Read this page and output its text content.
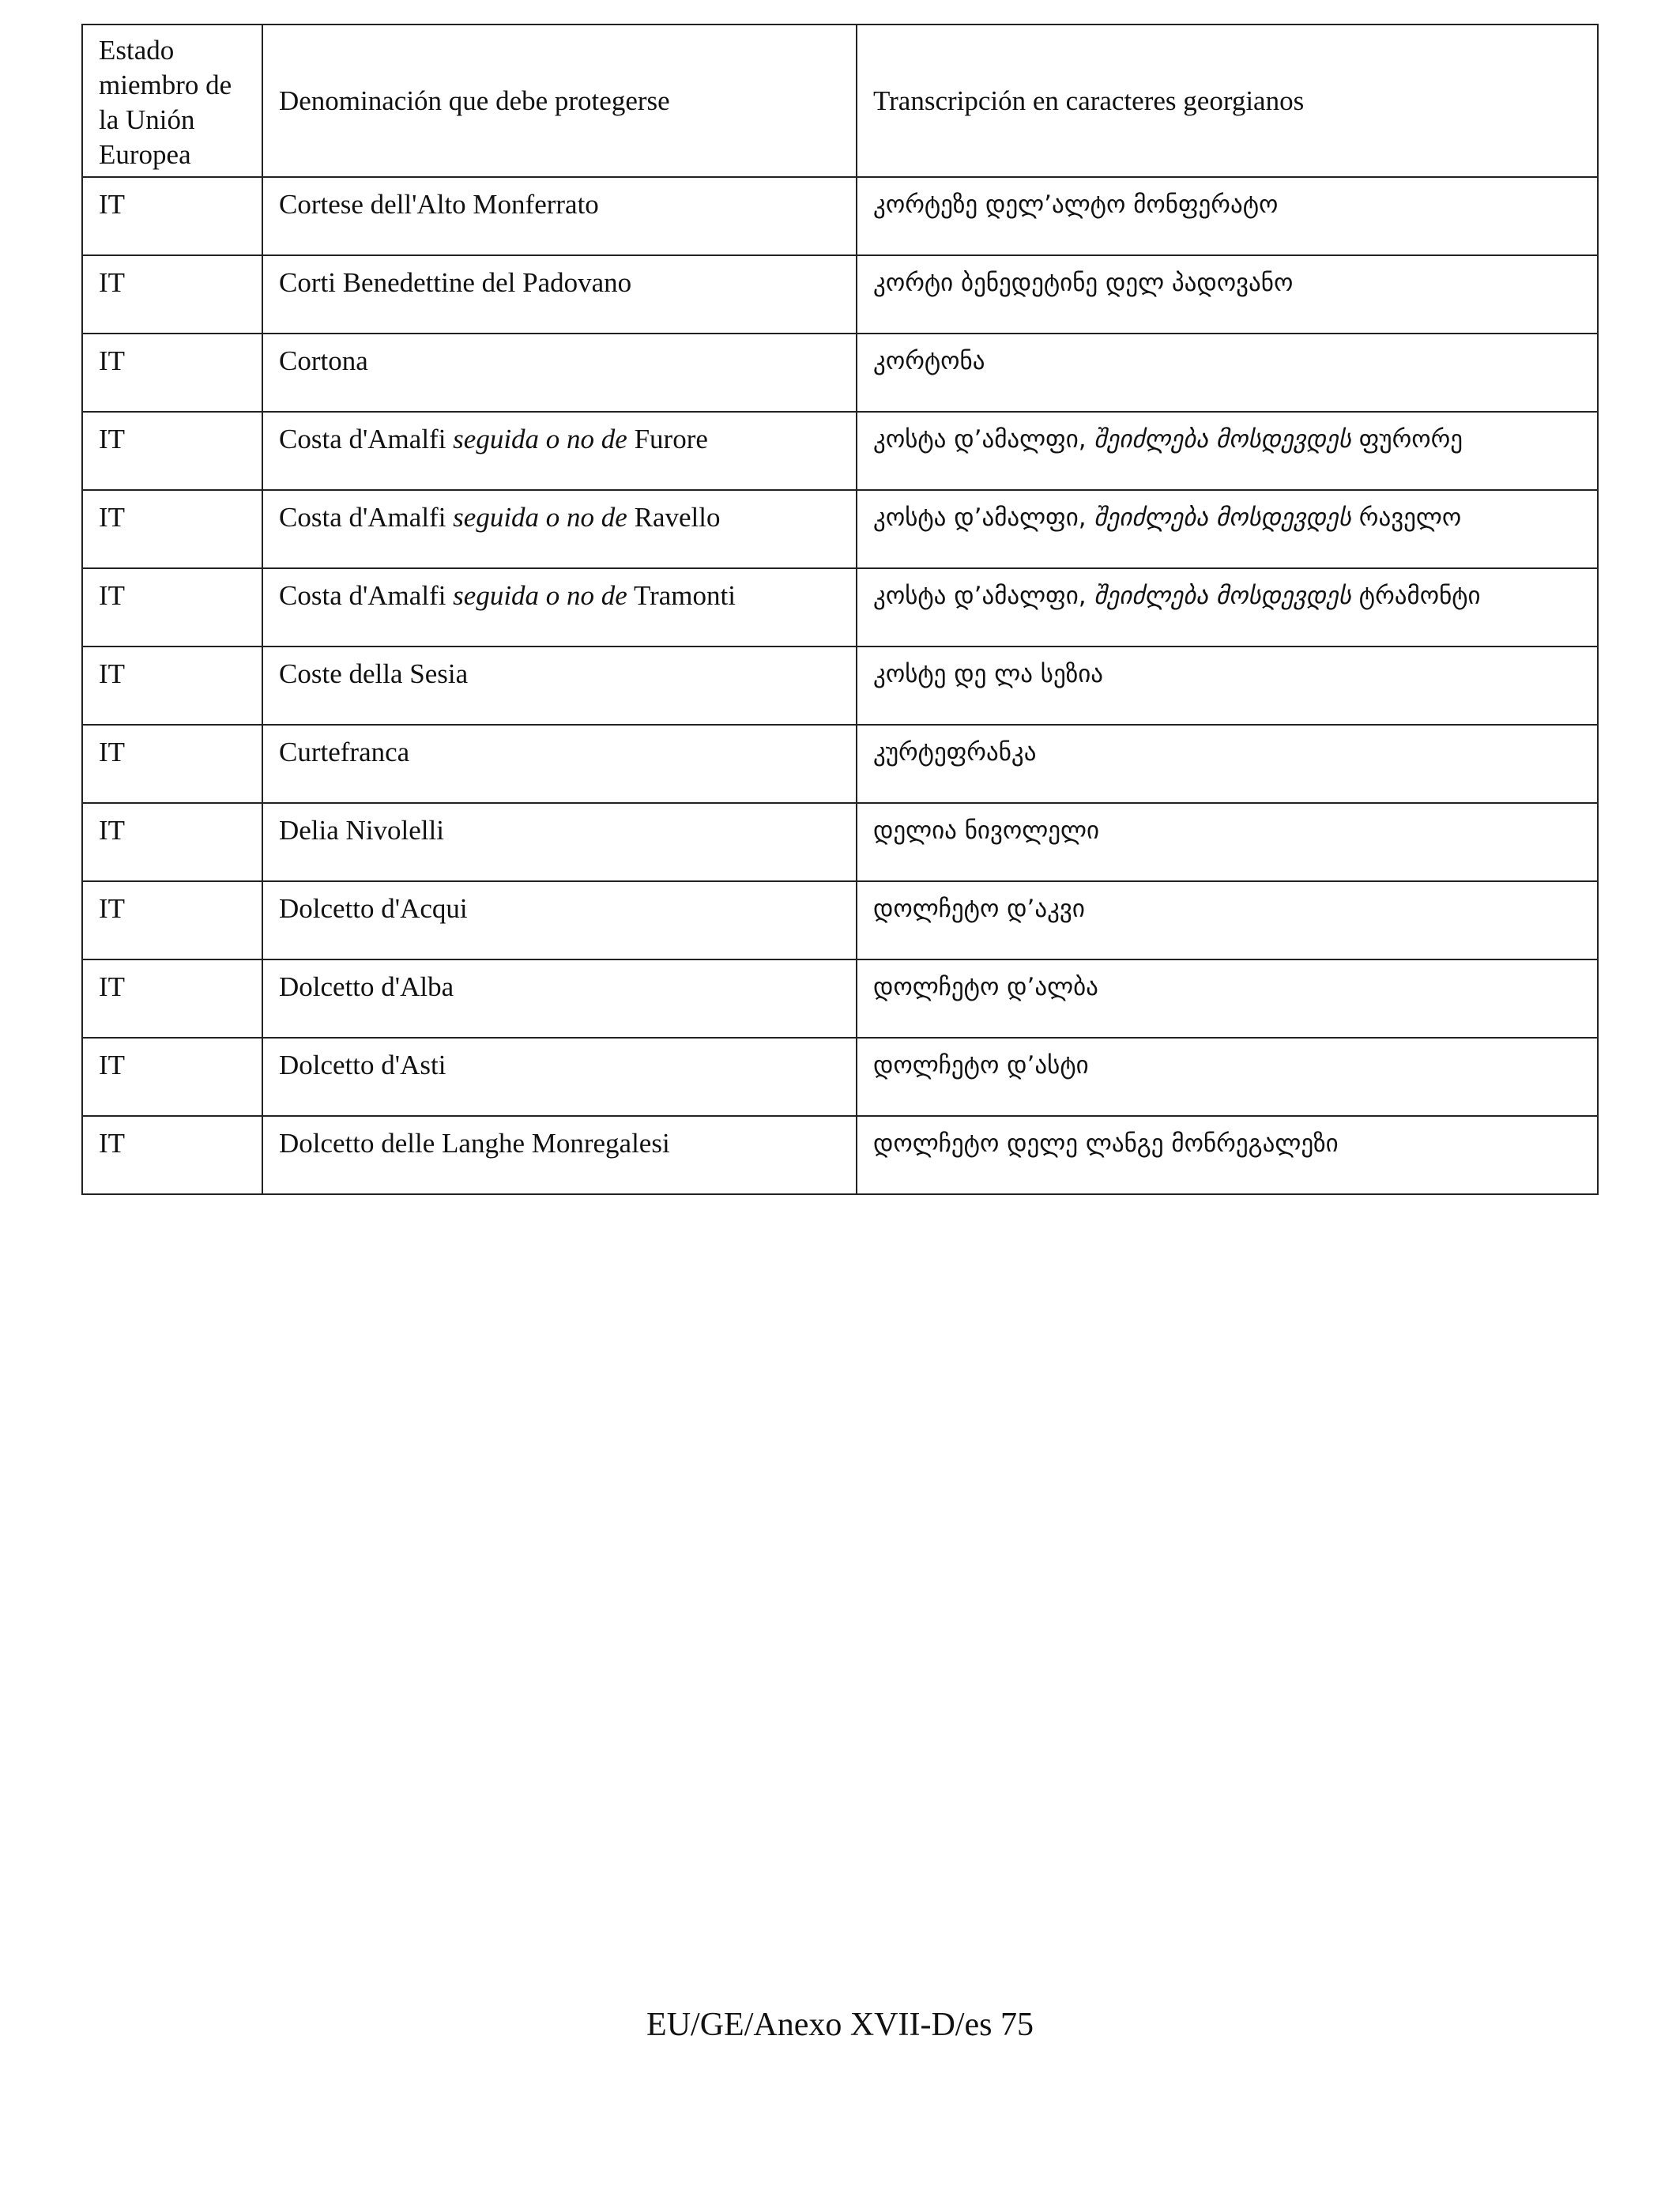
Estado miembro de la Unión Europea	Denominación que debe protegerse	Transcripción en caracteres georgianos
IT	Cortese dell'Alto Monferrato	კორტეზე დელ’ალტო მონფერატო
IT	Corti Benedettine del Padovano	კორტი ბენედეტინე დელ პადოვანო
IT	Cortona	კორტონა
IT	Costa d'Amalfi seguida o no de Furore	კოსტა დ’ამალფი, შეიძლება მოსდევდეს ფურორე
IT	Costa d'Amalfi seguida o no de Ravello	კოსტა დ’ამალფი, შეიძლება მოსდევდეს რაველო
IT	Costa d'Amalfi seguida o no de Tramonti	კოსტა დ’ამალფი, შეიძლება მოსდევდეს ტრამონტი
IT	Coste della Sesia	კოსტე დე ლა სეზია
IT	Curtefranca	კურტეფრანკა
IT	Delia Nivolelli	დელია ნივოლელი
IT	Dolcetto d'Acqui	დოლჩეტო დ’აკვი
IT	Dolcetto d'Alba	დოლჩეტო დ’ალბა
IT	Dolcetto d'Asti	დოლჩეტო დ’ასტი
IT	Dolcetto delle Langhe Monregalesi	დოლჩეტო დელე ლანგე მონრეგალეზი
EU/GE/Anexo XVII-D/es 75
